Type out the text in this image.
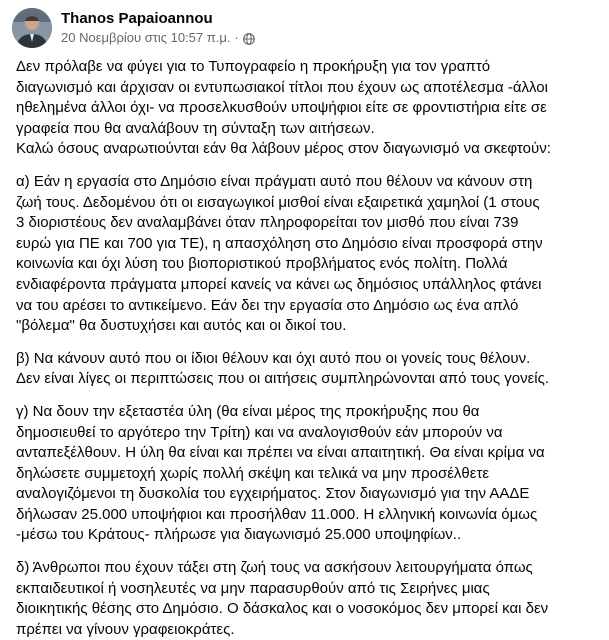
Thanos Papaioannou
20 Νοεμβρίου στις 10:57 π.μ. ·

Δεν πρόλαβε να φύγει για το Τυπογραφείο η προκήρυξη για τον γραπτό
διαγωνισμό και άρχισαν οι εντυπωσιακοί τίτλοι που έχουν ως αποτέλεσμα -άλλοι
ηθελημένα άλλοι όχι- να προσελκυσθούν υποψήφιοι είτε σε φροντιστήρια είτε σε
γραφεία που θα αναλάβουν τη σύνταξη των αιτήσεων.
Καλώ όσους αναρωτιούνται εάν θα λάβουν μέρος στον διαγωνισμό να σκεφτούν:

α) Εάν η εργασία στο Δημόσιο είναι πράγματι αυτό που θέλουν να κάνουν στη
ζωή τους. Δεδομένου ότι οι εισαγωγικοί μισθοί είναι εξαιρετικά χαμηλοί (1 στους
3 διοριστέους δεν αναλαμβάνει όταν πληροφορείται τον μισθό που είναι 739
ευρώ για ΠΕ και 700 για ΤΕ), η απασχόληση στο Δημόσιο είναι προσφορά στην
κοινωνία και όχι λύση του βιοποριστικού προβλήματος ενός πολίτη. Πολλά
ενδιαφέροντα πράγματα μπορεί κανείς να κάνει ως δημόσιος υπάλληλος φτάνει
να του αρέσει το αντικείμενο. Εάν δει την εργασία στο Δημόσιο ως ένα απλό
"βόλεμα" θα δυστυχήσει και αυτός και οι δικοί του.

β) Να κάνουν αυτό που οι ίδιοι θέλουν και όχι αυτό που οι γονείς τους θέλουν.
Δεν είναι λίγες οι περιπτώσεις που οι αιτήσεις συμπληρώνονται από τους γονείς.

γ) Να δουν την εξεταστέα ύλη (θα είναι μέρος της προκήρυξης που θα
δημοσιευθεί το αργότερο την Τρίτη) και να αναλογισθούν εάν μπορούν να
ανταπεξέλθουν. Η ύλη θα είναι και πρέπει να είναι απαιτητική. Θα είναι κρίμα να
δηλώσετε συμμετοχή χωρίς πολλή σκέψη και τελικά να μην προσέλθετε
αναλογιζόμενοι τη δυσκολία του εγχειρήματος. Στον διαγωνισμό για την ΑΑΔΕ
δήλωσαν 25.000 υποψήφιοι και προσήλθαν 11.000. Η ελληνική κοινωνία όμως
-μέσω του Κράτους- πλήρωσε για διαγωνισμό 25.000 υποψηφίων..

δ) Άνθρωποι που έχουν τάξει στη ζωή τους να ασκήσουν λειτουργήματα όπως
εκπαιδευτικοί ή νοσηλευτές να μην παρασυρθούν από τις Σειρήνες μιας
διοικητικής θέσης στο Δημόσιο. Ο δάσκαλος και ο νοσοκόμος δεν μπορεί και δεν
πρέπει να γίνουν γραφειοκράτες.
